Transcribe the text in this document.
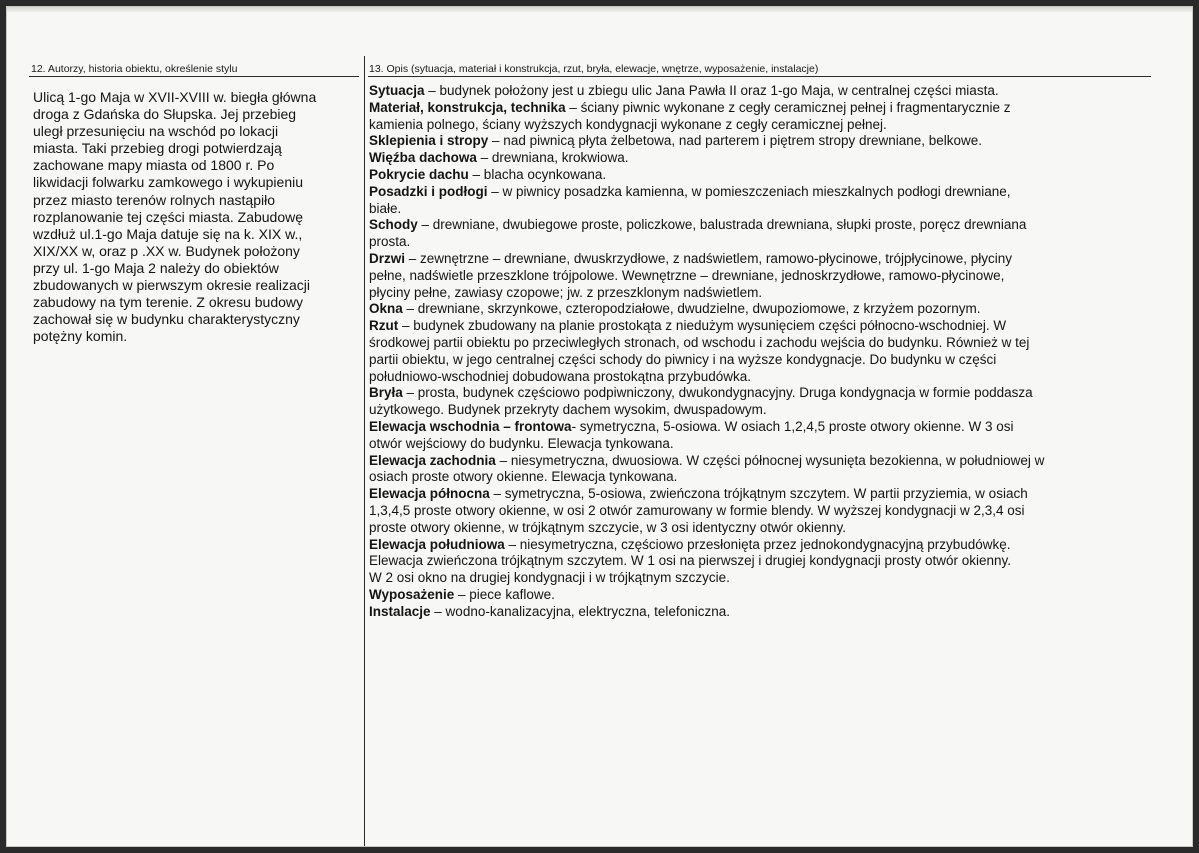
12. Autorzy, historia obiektu, określenie stylu	13. Opis (sytuacja, materiał i konstrukcja, rzut, bryła, elewacje, wnętrze, wyposażenie, instalacje)
Ulicą 1-go Maja w XVII-XVIII w. biegła główna
droga z Gdańska do Słupska. Jej przebieg
uległ przesunięciu na wschód po lokacji
miasta. Taki przebieg drogi potwierdzają
zachowane mapy miasta od 1800 r. Po
likwidacji folwarku zamkowego i wykupieniu
przez miasto terenów rolnych nastąpiło
rozplanowanie tej części miasta. Zabudowę
wzdłuż ul.1-go Maja datuje się na k. XIX w.,
XIX/XX w, oraz p .XX w. Budynek położony
przy ul. 1-go Maja 2 należy do obiektów
zbudowanych w pierwszym okresie realizacji
zabudowy na tym terenie. Z okresu budowy
zachował się w budynku charakterystyczny
potężny komin.
Sytuacja – budynek położony jest u zbiegu ulic Jana Pawła II oraz 1-go Maja, w centralnej części miasta.
Materiał, konstrukcja, technika – ściany piwnic wykonane z cegły ceramicznej pełnej i fragmentarycznie z
kamienia polnego, ściany wyższych kondygnacji wykonane z cegły ceramicznej pełnej.
Sklepienia i stropy – nad piwnicą płyta żelbetowa, nad parterem i piętrem stropy drewniane, belkowe.
Więźba dachowa – drewniana, krokwiowa.
Pokrycie dachu – blacha ocynkowana.
Posadzki i podłogi – w piwnicy posadzka kamienna, w pomieszczeniach mieszkalnych podłogi drewniane,
białe.
Schody – drewniane, dwubiegowe proste, policzkowe, balustrada drewniana, słupki proste, poręcz drewniana
prosta.
Drzwi – zewnętrzne – drewniane, dwuskrzydłowe, z nadświetlem, ramowo-płycinowe, trójpłycinowe, płyciny
pełne, nadświetle przeszklone trójpolowe. Wewnętrzne – drewniane, jednoskrzydłowe, ramowo-płycinowe,
płyciny pełne, zawiasy czopowe; jw. z przeszklonym nadświetlem.
Okna – drewniane, skrzynkowe, czteropodziałowe, dwudzielne, dwupoziomowe, z krzyżem pozornym.
Rzut – budynek zbudowany na planie prostokąta z niedużym wysunięciem części północno-wschodniej. W
środkowej partii obiektu po przeciwległych stronach, od wschodu i zachodu wejścia do budynku. Również w tej
partii obiektu, w jego centralnej części schody do piwnicy i na wyższe kondygnacje. Do budynku w części
południowo-wschodniej dobudowana prostokątna przybudówka.
Bryła – prosta, budynek częściowo podpiwniczony, dwukondygnacyjny. Druga kondygnacja w formie poddasza
użytkowego. Budynek przekryty dachem wysokim, dwuspadowym.
Elewacja wschodnia – frontowa- symetryczna, 5-osiowa. W osiach 1,2,4,5 proste otwory okienne. W 3 osi
otwór wejściowy do budynku. Elewacja tynkowana.
Elewacja zachodnia – niesymetryczna, dwuosiowa. W części północnej wysunięta bezokienna, w południowej w
osiach proste otwory okienne. Elewacja tynkowana.
Elewacja północna – symetryczna, 5-osiowa, zwieńczona trójkątnym szczytem. W partii przyziemia, w osiach
1,3,4,5 proste otwory okienne, w osi 2 otwór zamurowany w formie blendy. W wyższej kondygnacji w 2,3,4 osi
proste otwory okienne, w trójkątnym szczycie, w 3 osi identyczny otwór okienny.
Elewacja południowa – niesymetryczna, częściowo przesłonięta przez jednokondygnacyjną przybudówkę.
Elewacja zwieńczona trójkątnym szczytem. W 1 osi na pierwszej i drugiej kondygnacji prosty otwór okienny.
W 2 osi okno na drugiej kondygnacji i w trójkątnym szczycie.
Wyposażenie – piece kaflowe.
Instalacje – wodno-kanalizacyjna, elektryczna, telefoniczna.
